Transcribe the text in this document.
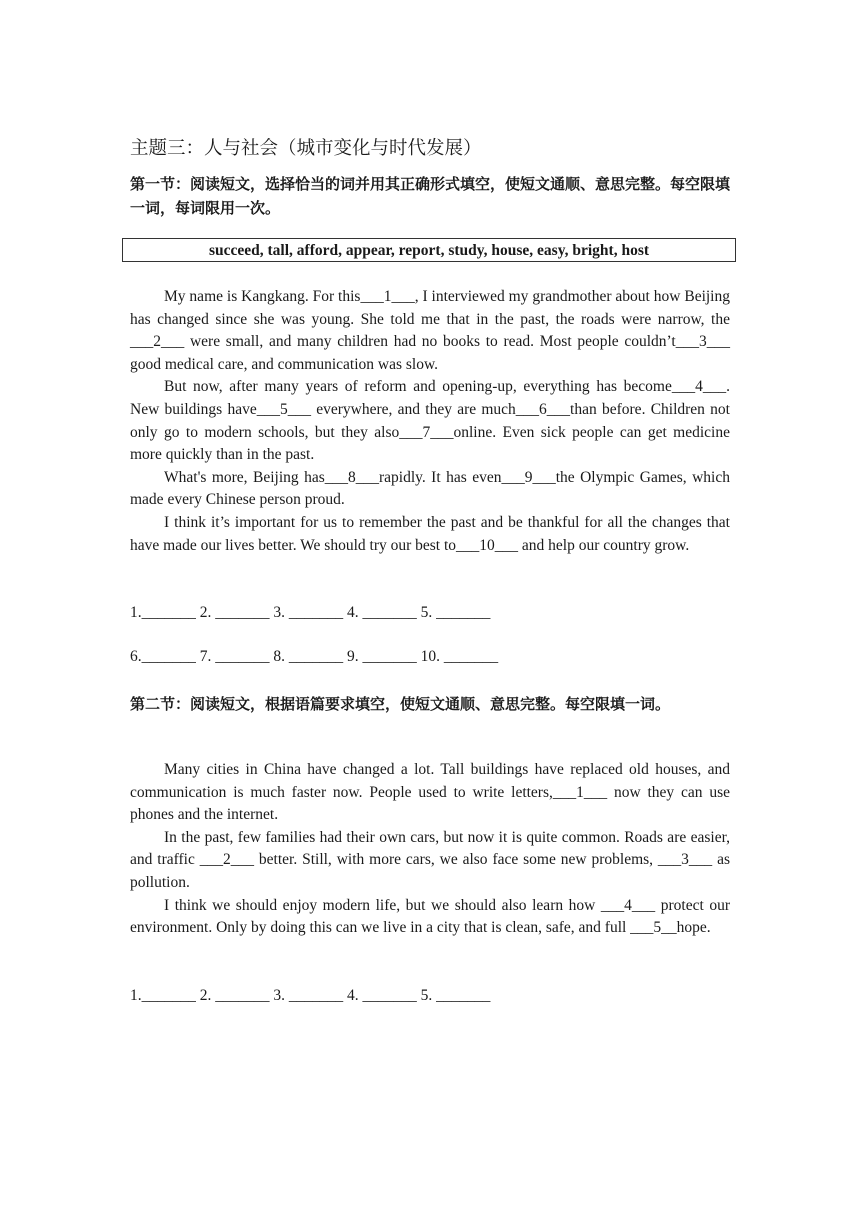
主题三：人与社会（城市变化与时代发展）
第一节：阅读短文，选择恰当的词并用其正确形式填空，使短文通顺、意思完整。每空限填一词，每词限用一次。
succeed, tall, afford, appear, report, study, house, easy, bright, host

My name is Kangkang. For this___1___, I interviewed my grandmother about how Beijing has changed since she was young. She told me that in the past, the roads were narrow, the ___2___ were small, and many children had no books to read. Most people couldn’t___3___ good medical care, and communication was slow.

But now, after many years of reform and opening-up, everything has become___4___. New buildings have___5___ everywhere, and they are much___6___than before. Children not only go to modern schools, but they also___7___online. Even sick people can get medicine more quickly than in the past.

What's more, Beijing has___8___rapidly. It has even___9___the Olympic Games, which made every Chinese person proud.

I think it’s important for us to remember the past and be thankful for all the changes that have made our lives better. We should try our best to___10___ and help our country grow.

1._______ 2. _______ 3. _______ 4. _______ 5. _______
6._______ 7. _______ 8. _______ 9. _______ 10. _______
第二节：阅读短文，根据语篇要求填空，使短文通顺、意思完整。每空限填一词。

Many cities in China have changed a lot. Tall buildings have replaced old houses, and communication is much faster now. People used to write letters,___1___ now they can use phones and the internet.

In the past, few families had their own cars, but now it is quite common. Roads are easier, and traffic ___2___ better. Still, with more cars, we also face some new problems, ___3___ as pollution.

I think we should enjoy modern life, but we should also learn how ___4___ protect our environment. Only by doing this can we live in a city that is clean, safe, and full ___5__hope.

1._______ 2. _______ 3. _______ 4. _______ 5. _______
